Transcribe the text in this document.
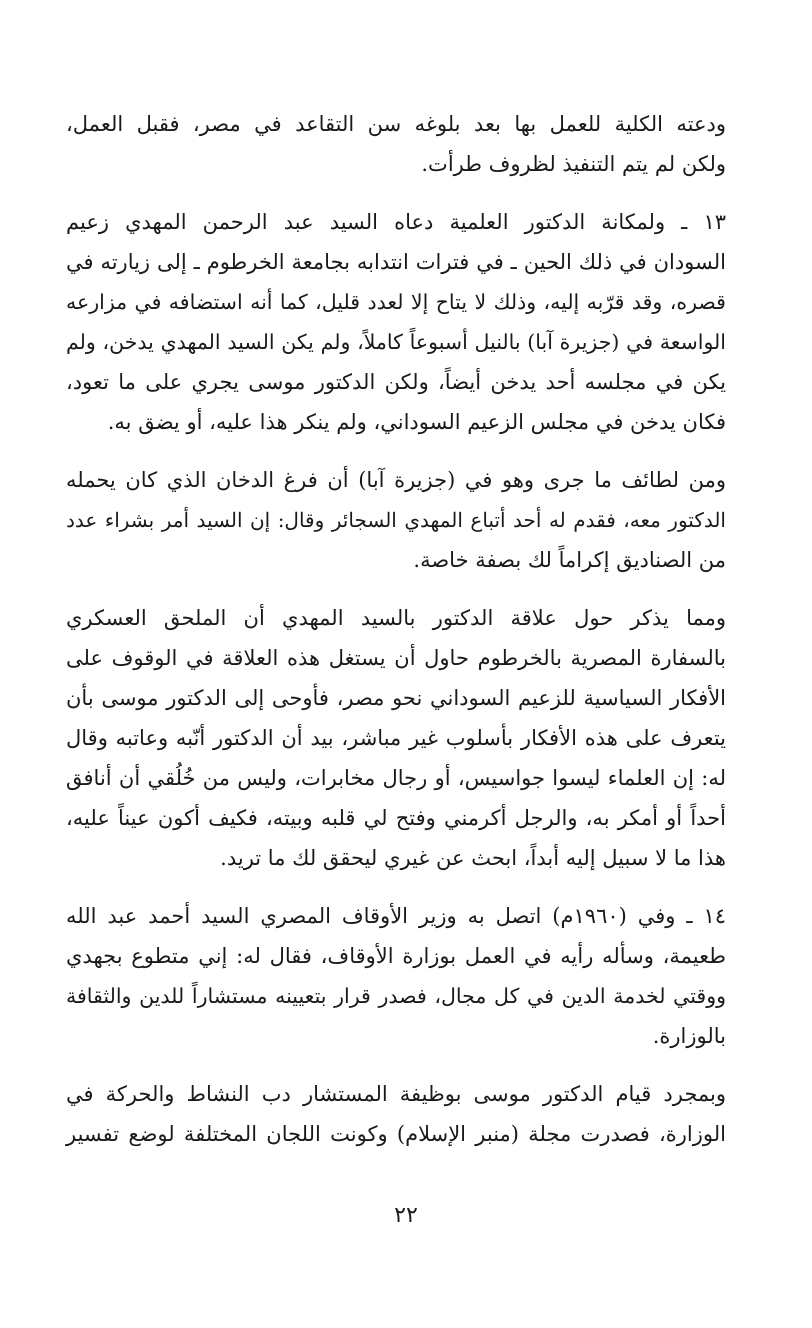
ودعته الكلية للعمل بها بعد بلوغه سن التقاعد في مصر، فقبل العمل،
ولكن لم يتم التنفيذ لظروف طرأت.

١٣ ـ ولمكانة الدكتور العلمية دعاه السيد عبد الرحمن المهدي زعيم
السودان في ذلك الحين ـ في فترات انتدابه بجامعة الخرطوم ـ إلى زيارته في
قصره، وقد قرّبه إليه، وذلك لا يتاح إلا لعدد قليل، كما أنه استضافه في مزارعه
الواسعة في (جزيرة آبا) بالنيل أسبوعاً كاملاً، ولم يكن السيد المهدي يدخن، ولم
يكن في مجلسه أحد يدخن أيضاً، ولكن الدكتور موسى يجري على ما تعود،
فكان يدخن في مجلس الزعيم السوداني، ولم ينكر هذا عليه، أو يضق به.

ومن لطائف ما جرى وهو في (جزيرة آبا) أن فرغ الدخان الذي كان يحمله
الدكتور معه، فقدم له أحد أتباع المهدي السجائر وقال: إن السيد أمر بشراء عدد
من الصناديق إكراماً لك بصفة خاصة.

ومما يذكر حول علاقة الدكتور بالسيد المهدي أن الملحق العسكري
بالسفارة المصرية بالخرطوم حاول أن يستغل هذه العلاقة في الوقوف على
الأفكار السياسية للزعيم السوداني نحو مصر، فأوحى إلى الدكتور موسى بأن
يتعرف على هذه الأفكار بأسلوب غير مباشر، بيد أن الدكتور أنّبه وعاتبه وقال
له: إن العلماء ليسوا جواسيس، أو رجال مخابرات، وليس من خُلُقي أن أنافق
أحداً أو أمكر به، والرجل أكرمني وفتح لي قلبه وبيته، فكيف أكون عيناً عليه،
هذا ما لا سبيل إليه أبداً، ابحث عن غيري ليحقق لك ما تريد.

١٤ ـ وفي (١٩٦٠م) اتصل به وزير الأوقاف المصري السيد أحمد عبد الله
طعيمة، وسأله رأيه في العمل بوزارة الأوقاف، فقال له: إني متطوع بجهدي
ووقتي لخدمة الدين في كل مجال، فصدر قرار بتعيينه مستشاراً للدين والثقافة
بالوزارة.

وبمجرد قيام الدكتور موسى بوظيفة المستشار دب النشاط والحركة في
الوزارة، فصدرت مجلة (منبر الإسلام) وكونت اللجان المختلفة لوضع تفسير

٢٢
